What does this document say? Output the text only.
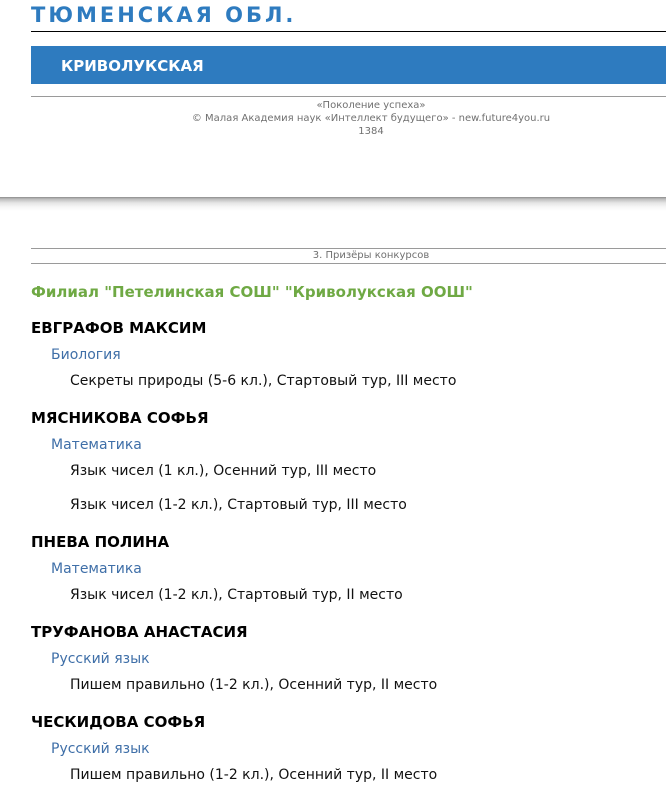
ТЮМЕНСКАЯ ОБЛ.
КРИВОЛУКСКАЯ
«Поколение успеха»
© Малая Академия наук «Интеллект будущего» - new.future4you.ru
1384
3. Призёры конкурсов
Филиал "Петелинская СОШ" "Криволукская ООШ"
ЕВГРАФОВ МАКСИМ
Биология
Секреты природы (5-6 кл.), Стартовый тур, III место
МЯСНИКОВА СОФЬЯ
Математика
Язык чисел (1 кл.), Осенний тур, III место
Язык чисел (1-2 кл.), Стартовый тур, III место
ПНЕВА ПОЛИНА
Математика
Язык чисел (1-2 кл.), Стартовый тур, II место
ТРУФАНОВА АНАСТАСИЯ
Русский язык
Пишем правильно (1-2 кл.), Осенний тур, II место
ЧЕСКИДОВА СОФЬЯ
Русский язык
Пишем правильно (1-2 кл.), Осенний тур, II место
